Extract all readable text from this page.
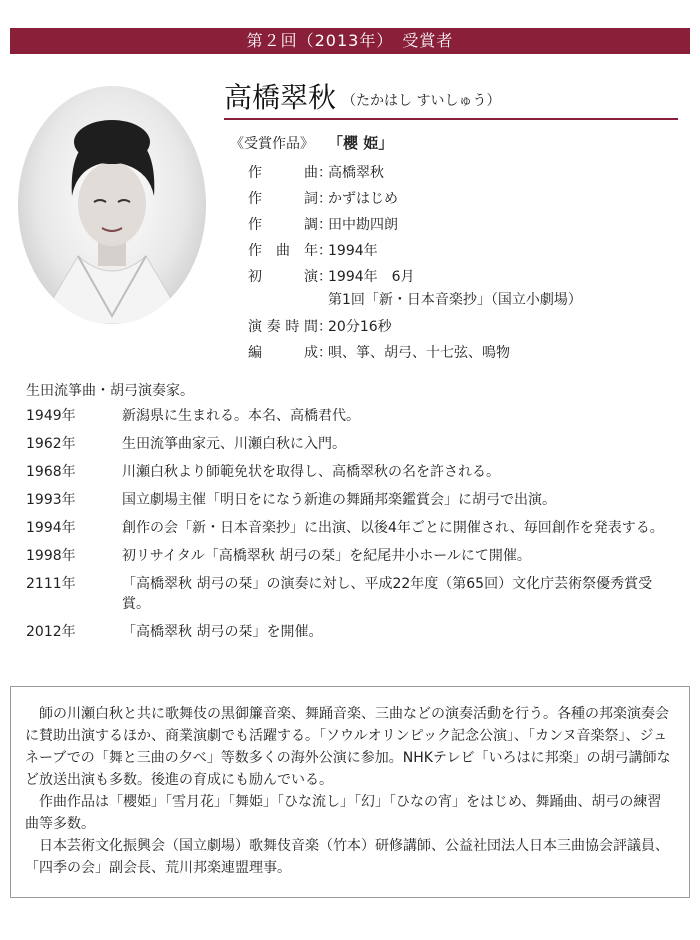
第２回（2013年）　受賞者
高橋翠秋 （たかはし すいしゅう）
《受賞作品》 「櫻 姫」
作	曲 ：
高橋翠秋
作	詞 ：
かずはじめ
作	調 ：
田中勘四朗
作 曲 年 ：
1994年
初	演 ：
1994年　6月
第1回「新・日本音楽抄」（国立小劇場）
演 奏 時 間 ：
20分16秒
編	成 ：
唄、箏、胡弓、十七弦、鳴物
生田流箏曲・胡弓演奏家。
1949年	新潟県に生まれる。本名、高橋君代。
1962年	生田流箏曲家元、川瀬白秋に入門。
1968年	川瀬白秋より師範免状を取得し、高橋翠秋の名を許される。
1993年	国立劇場主催「明日をになう新進の舞踊邦楽鑑賞会」に胡弓で出演。
1994年	創作の会「新・日本音楽抄」に出演、以後4年ごとに開催され、毎回創作を発表する。
1998年	初リサイタル「高橋翠秋 胡弓の栞」を紀尾井小ホールにて開催。
2111年	「高橋翠秋 胡弓の栞」の演奏に対し、平成22年度（第65回）文化庁芸術祭優秀賞受賞。
2012年	「高橋翠秋 胡弓の栞」を開催。

師の川瀬白秋と共に歌舞伎の黒御簾音楽、舞踊音楽、三曲などの演奏活動を行う。各種の邦楽演奏会に賛助出演するほか、商業演劇でも活躍する。「ソウルオリンピック記念公演」、「カンヌ音楽祭」、ジュネーブでの「舞と三曲の夕べ」等数多くの海外公演に参加。NHKテレビ「いろはに邦楽」の胡弓講師など放送出演も多数。後進の育成にも励んでいる。

作曲作品は「櫻姫」「雪月花」「舞姫」「ひな流し」「幻」「ひなの宵」をはじめ、舞踊曲、胡弓の練習曲等多数。

日本芸術文化振興会（国立劇場）歌舞伎音楽（竹本）研修講師、公益社団法人日本三曲協会評議員、「四季の会」副会長、荒川邦楽連盟理事。
